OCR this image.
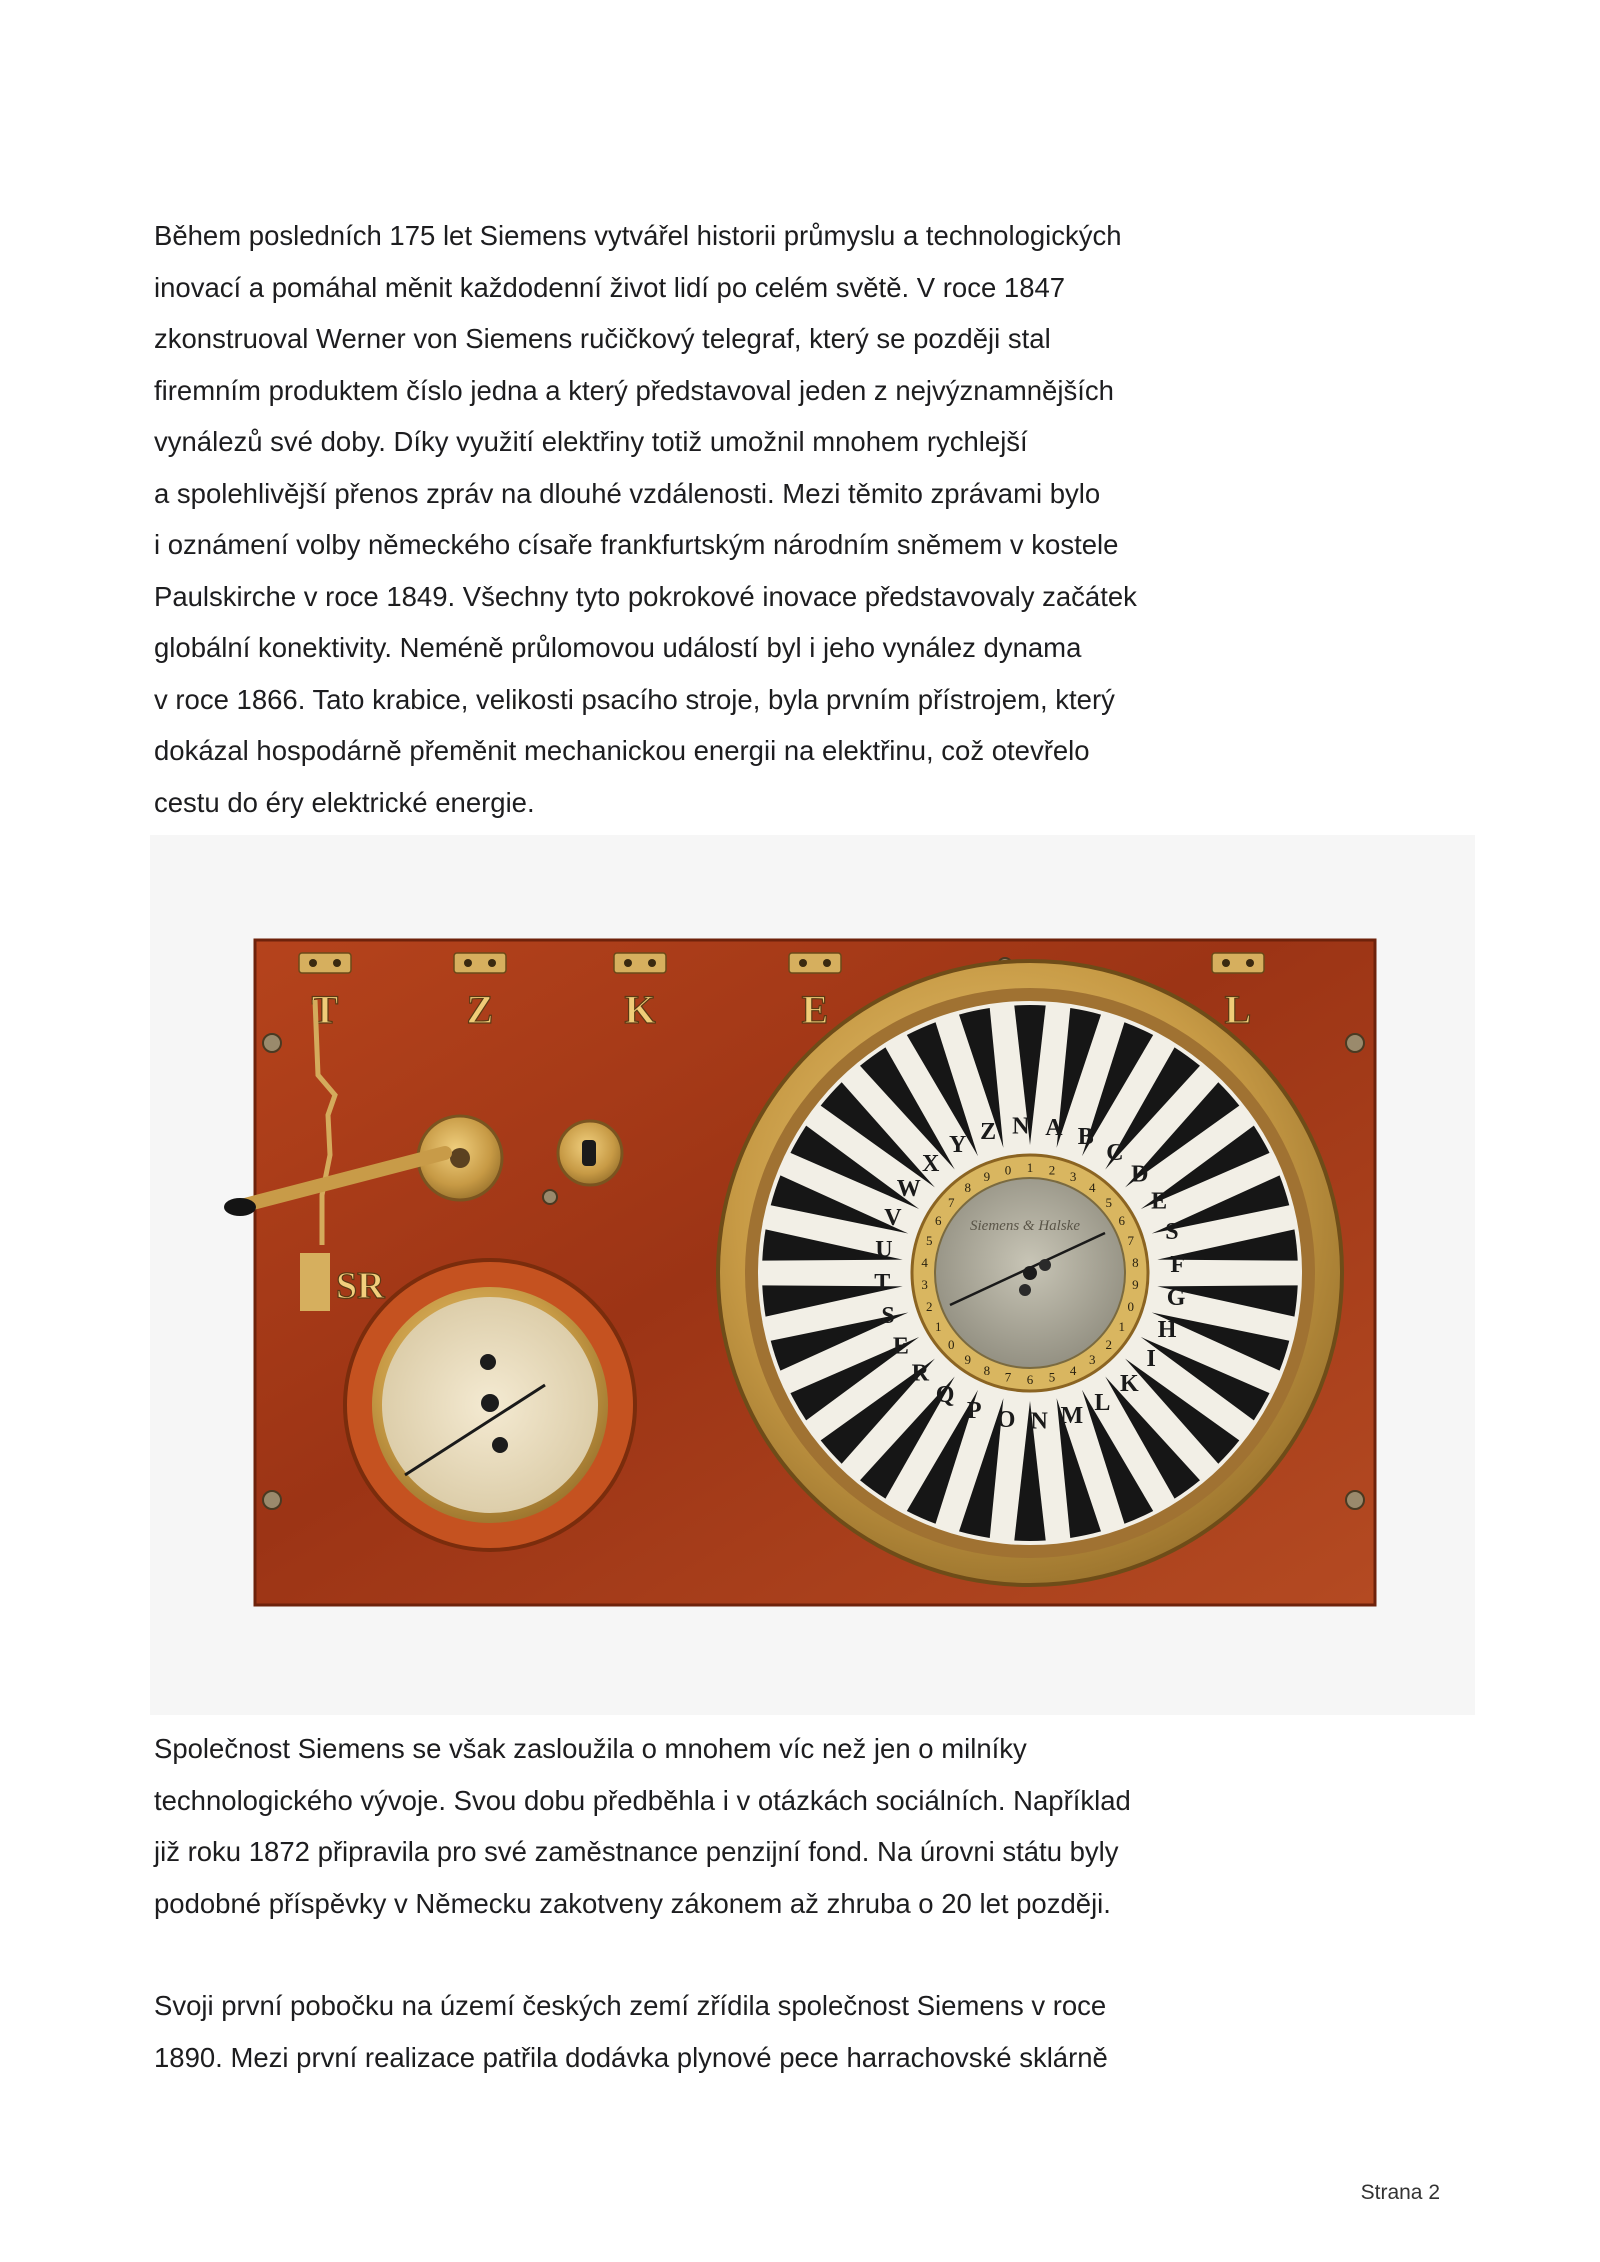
Během posledních 175 let Siemens vytvářel historii průmyslu a technologických
inovací a pomáhal měnit každodenní život lidí po celém světě. V roce 1847
zkonstruoval Werner von Siemens ručičkový telegraf, který se později stal
firemním produktem číslo jedna a který představoval jeden z nejvýznamnějších
vynálezů své doby. Díky využití elektřiny totiž umožnil mnohem rychlejší
a spolehlivější přenos zpráv na dlouhé vzdálenosti. Mezi těmito zprávami bylo
i oznámení volby německého císaře frankfurtským národním sněmem v kostele
Paulskirche v roce 1849. Všechny tyto pokrokové inovace představovaly začátek
globální konektivity. Neméně průlomovou událostí byl i jeho vynález dynama
v roce 1866. Tato krabice, velikosti psacího stroje, byla prvním přístrojem, který
dokázal hospodárně přeměnit mechanickou energii na elektřinu, což otevřelo
cestu do éry elektrické energie.

T	Z	K	E	L
SR
A B
C
D
E
S
F
G
H
I
K
L
M
N
O
P
Q
R
E
S
T
U
V
W
X
Y Z N
1
1
1
2
2
2
3
3
3
4
4
4
5
5
5
6
6
6
7
7
7
8
8
8
9
9
9
0
0
0
Siemens & Halske

Společnost Siemens se však zasloužila o mnohem víc než jen o milníky
technologického vývoje. Svou dobu předběhla i v otázkách sociálních. Například
již roku 1872 připravila pro své zaměstnance penzijní fond. Na úrovni státu byly
podobné příspěvky v Německu zakotveny zákonem až zhruba o 20 let později.

Svoji první pobočku na území českých zemí zřídila společnost Siemens v roce
1890. Mezi první realizace patřila dodávka plynové pece harrachovské sklárně

Strana 2
